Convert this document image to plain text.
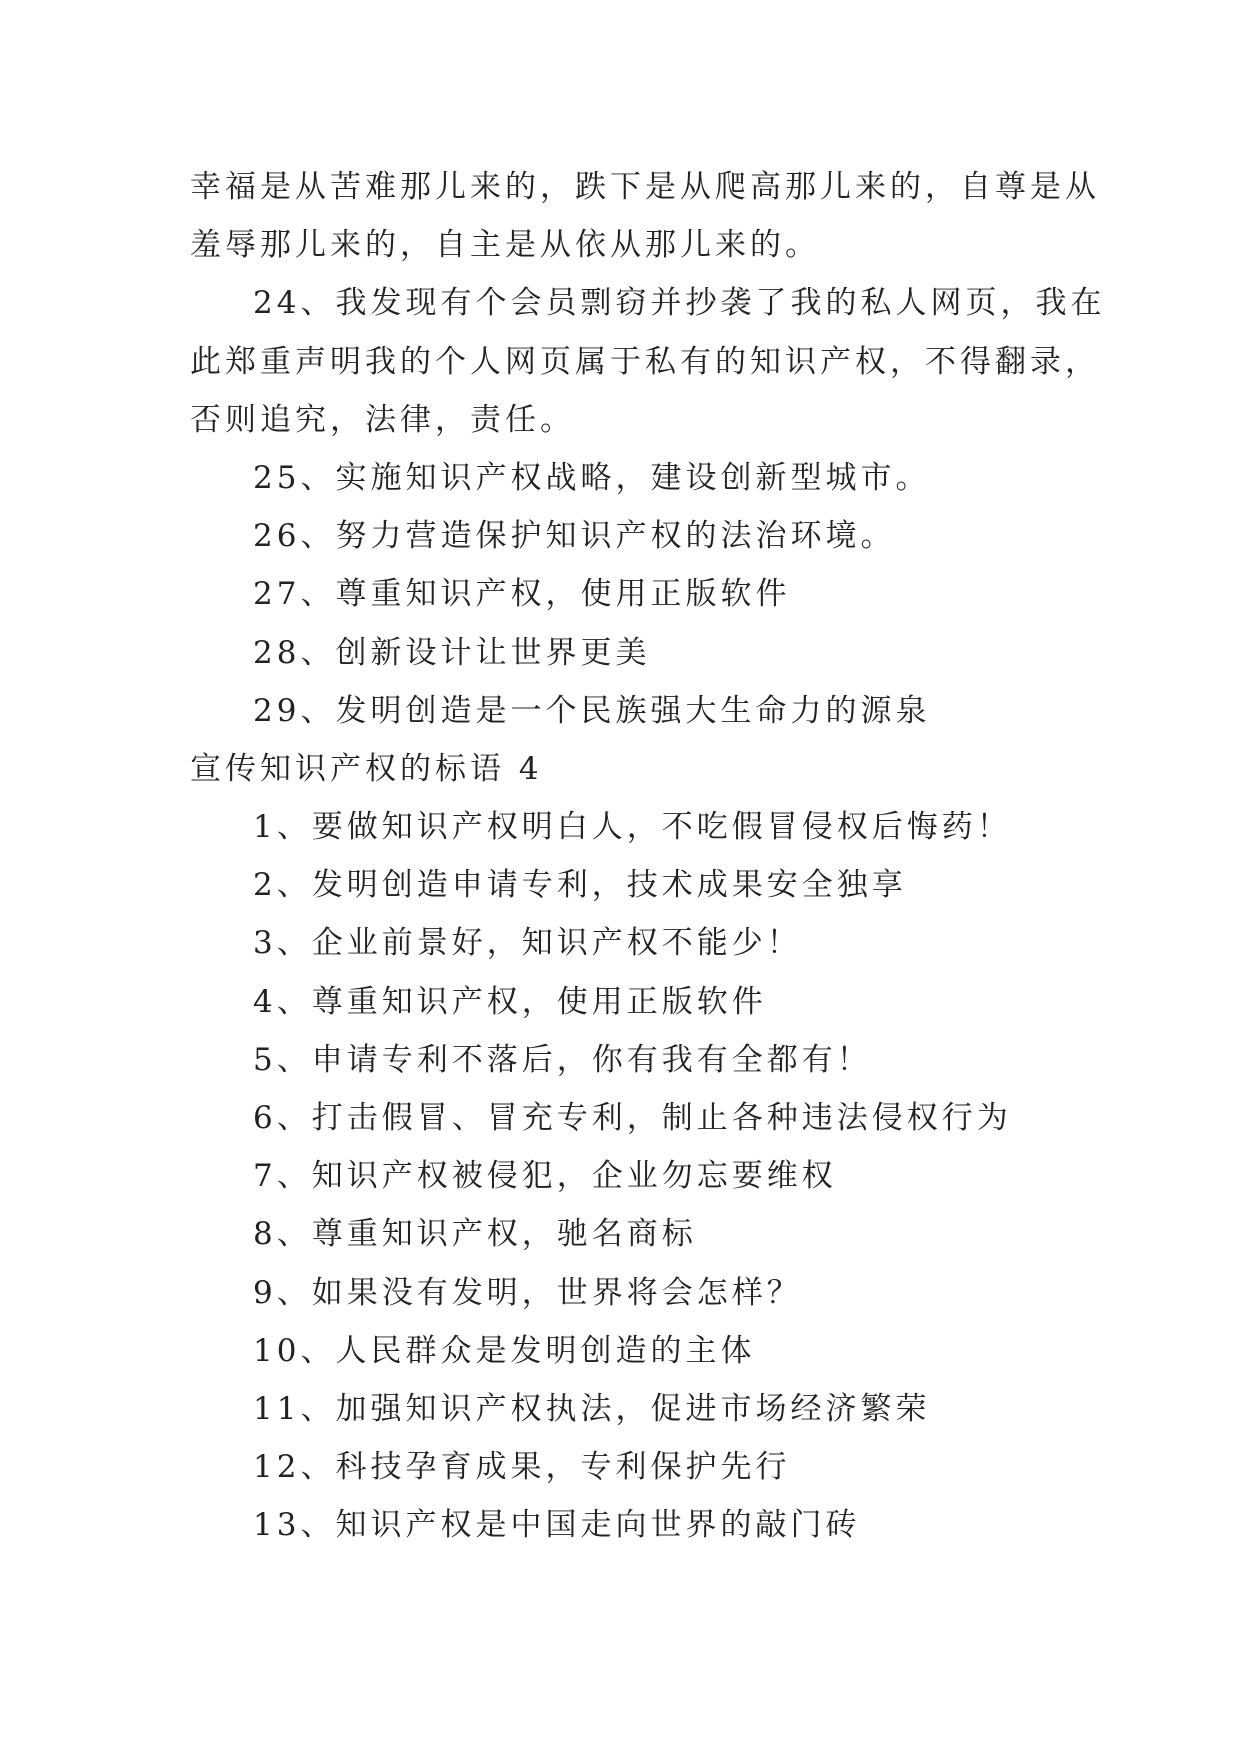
幸福是从苦难那儿来的，跌下是从爬高那儿来的，自尊是从
羞辱那儿来的，自主是从依从那儿来的。
24、我发现有个会员剽窃并抄袭了我的私人网页，我在
此郑重声明我的个人网页属于私有的知识产权，不得翻录，
否则追究，法律，责任。
25、实施知识产权战略，建设创新型城市。
26、努力营造保护知识产权的法治环境。
27、尊重知识产权，使用正版软件
28、创新设计让世界更美
29、发明创造是一个民族强大生命力的源泉
宣传知识产权的标语 4
1、要做知识产权明白人，不吃假冒侵权后悔药！
2、发明创造申请专利，技术成果安全独享
3、企业前景好，知识产权不能少！
4、尊重知识产权，使用正版软件
5、申请专利不落后，你有我有全都有！
6、打击假冒、冒充专利，制止各种违法侵权行为
7、知识产权被侵犯，企业勿忘要维权
8、尊重知识产权，驰名商标
9、如果没有发明，世界将会怎样？
10、人民群众是发明创造的主体
11、加强知识产权执法，促进市场经济繁荣
12、科技孕育成果，专利保护先行
13、知识产权是中国走向世界的敲门砖
